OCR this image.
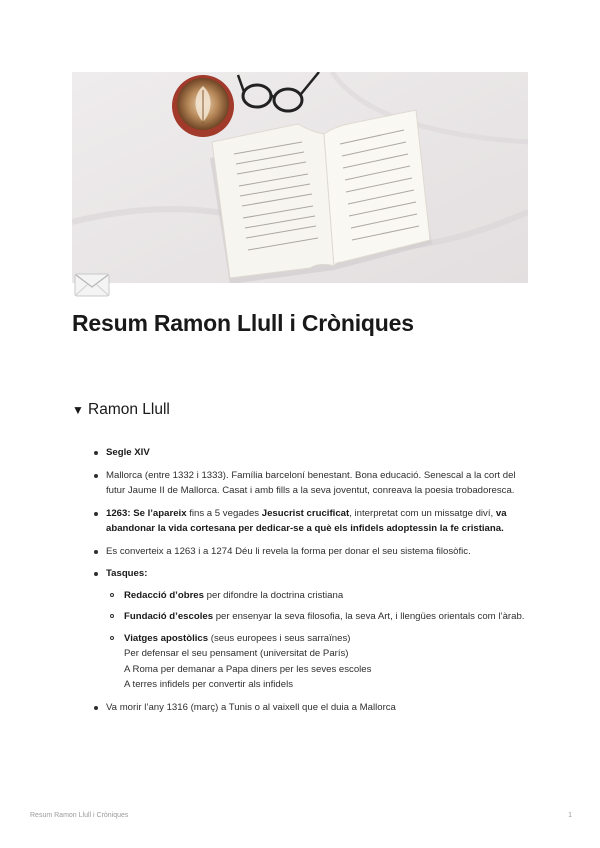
Resum Ramon Llull i Cròniques
▼ Ramon Llull
Segle XIV
Mallorca (entre 1332 i 1333). Família barceloní benestant. Bona educació. Senescal a la cort del futur Jaume II de Mallorca. Casat i amb fills a la seva joventut, conreava la poesia trobadoresca.
1263: Se l’apareix fins a 5 vegades Jesucrist crucificat, interpretat com un missatge diví, va abandonar la vida cortesana per dedicar-se a què els infidels adoptessin la fe cristiana.
Es converteix a 1263 i a 1274 Déu li revela la forma per donar el seu sistema filosòfic.
Tasques:
Redacció d’obres per difondre la doctrina cristiana
Fundació d’escoles per ensenyar la seva filosofia, la seva Art, i llengües orientals com l’àrab.
Viatges apostòlics (seus europees i seus sarraïnes)
Per defensar el seu pensament (universitat de París)
A Roma per demanar a Papa diners per les seves escoles
A terres infidels per convertir als infidels
Va morir l’any 1316 (març) a Tunis o al vaixell que el duia a Mallorca
Resum Ramon Llull i Cròniques	1
